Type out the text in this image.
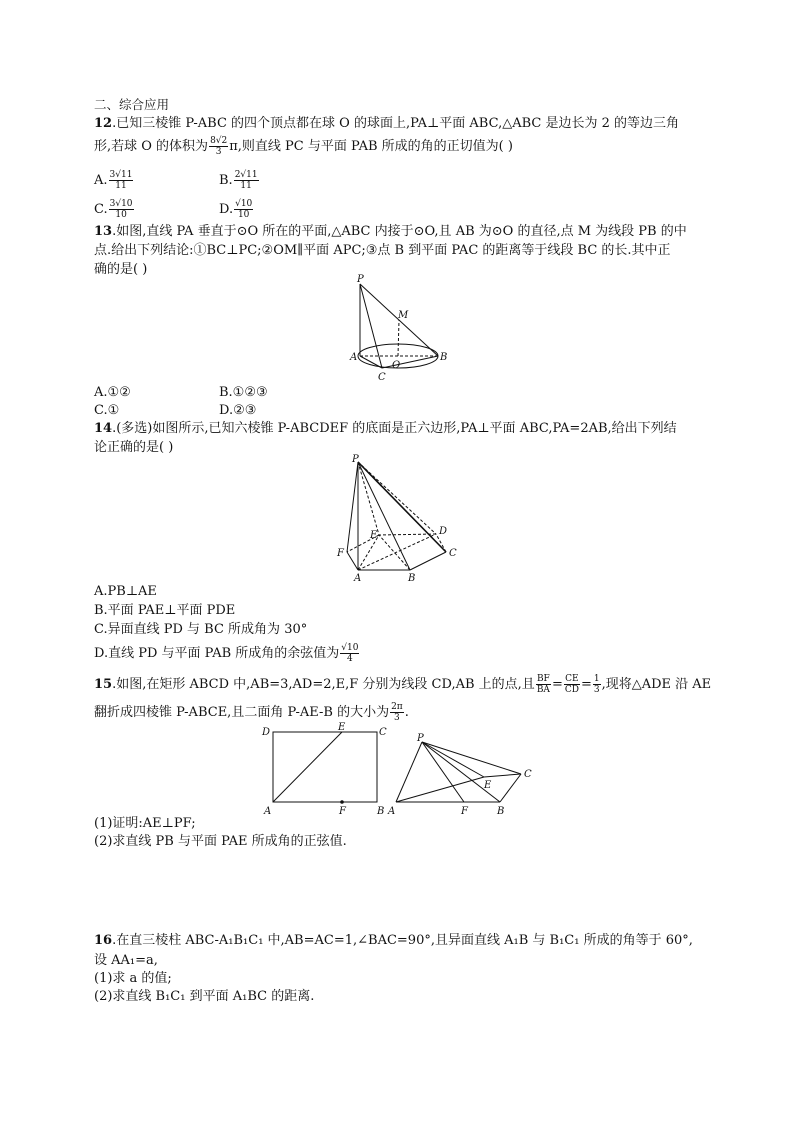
二、综合应用
12.已知三棱锥 P-ABC 的四个顶点都在球 O 的球面上,PA⊥平面 ABC,△ABC 是边长为 2 的等边三角
形,若球 O 的体积为 $\frac{8√2}{3} \pi$,则直线 PC 与平面 PAB 所成的角的正切值为( )
A. $\frac{3√11}{11}$	B. $\frac{2√11}{11}$
C. $\frac{3√10}{10}$	D. $\frac{√10}{10}$
13.如图,直线 PA 垂直于⊙O 所在的平面,△ABC 内接于⊙O,且 AB 为⊙O 的直径,点 M 为线段 PB 的中
点.给出下列结论:①BC⊥PC;②OM∥平面 APC;③点 B 到平面 PAC 的距离等于线段 BC 的长.其中正
确的是( )
P
M
A
O
B
C
A.①②	B.①②③
C.①	D.②③
14.(多选)如图所示,已知六棱锥 P-ABCDEF 的底面是正六边形,PA⊥平面 ABC,PA=2AB,给出下列结
论正确的是( )
P
E	D
F	C
A	B
A.PB⊥AE
B.平面 PAE⊥平面 PDE
C.异面直线 PD 与 BC 所成角为 30°
D.直线 PD 与平面 PAB 所成角的余弦值为 $\frac{√10}{4}$
15.如图,在矩形 ABCD 中,AB=3,AD=2,E,F 分别为线段 CD,AB 上的点,且 $\frac{BF}{BA} = \frac{CE}{CD} = \frac{1}{3}$ ,现将△ADE 沿 AE
翻折成四棱锥 P-ABCE,且二面角 P-AE-B 的大小为 $\frac{2\pi}{3}$ .
D	E	C
A	F	B
P
C
E
A	F	B
(1)证明:AE⊥PF;
(2)求直线 PB 与平面 PAE 所成角的正弦值.
16.在直三棱柱 ABC-A₁B₁C₁ 中,AB=AC=1,∠BAC=90°,且异面直线 A₁B 与 B₁C₁ 所成的角等于 60°,
设 AA₁=a,
(1)求 a 的值;
(2)求直线 B₁C₁ 到平面 A₁BC 的距离.
